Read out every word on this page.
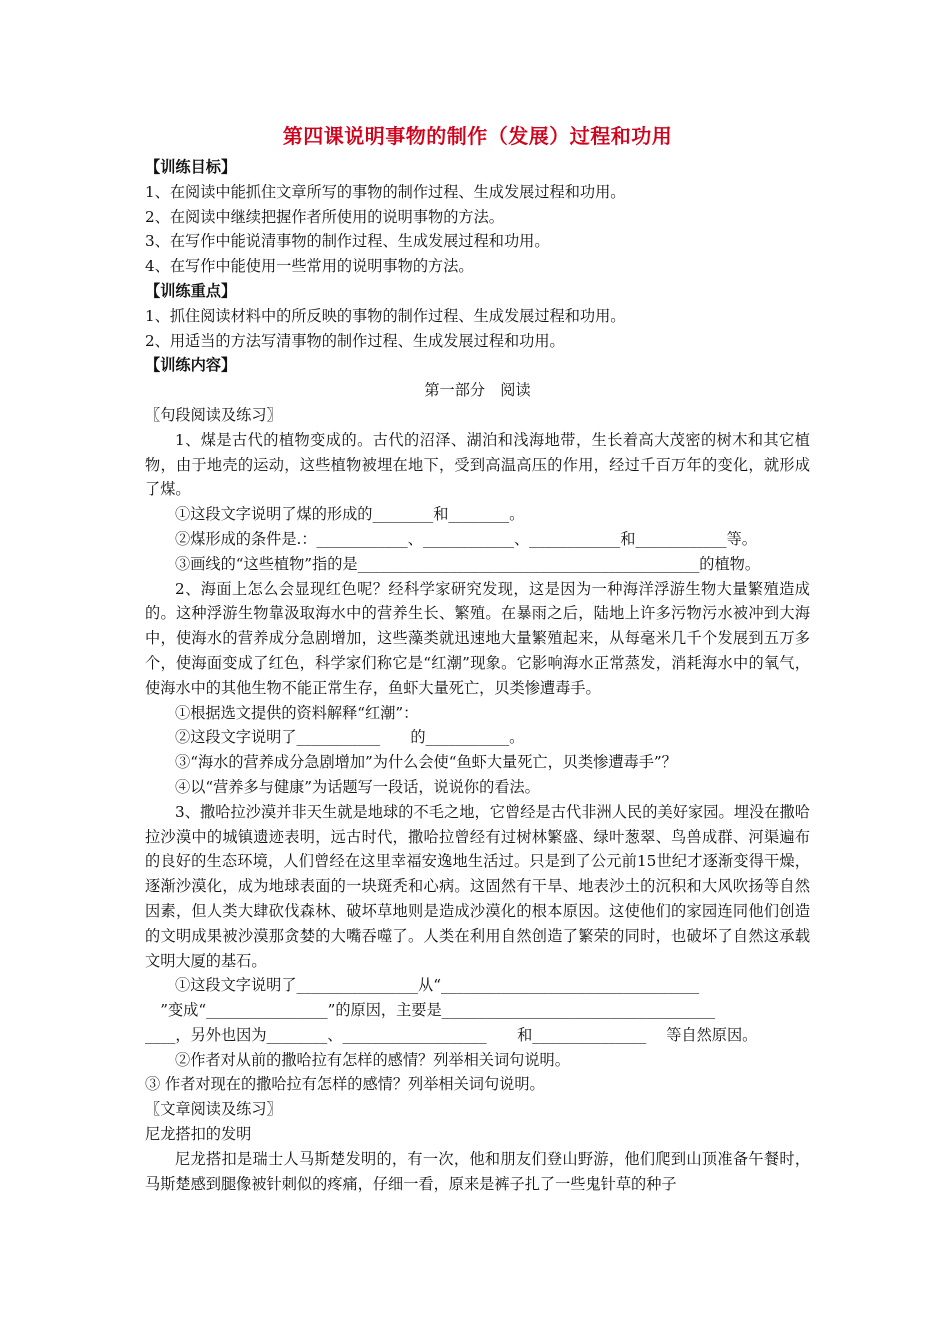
第四课说明事物的制作（发展）过程和功用
【训练目标】
1、在阅读中能抓住文章所写的事物的制作过程、生成发展过程和功用。
2、在阅读中继续把握作者所使用的说明事物的方法。
3、在写作中能说清事物的制作过程、生成发展过程和功用。
4、在写作中能使用一些常用的说明事物的方法。
【训练重点】
1、抓住阅读材料中的所反映的事物的制作过程、生成发展过程和功用。
2、用适当的方法写清事物的制作过程、生成发展过程和功用。
【训练内容】
第一部分　阅读
〖句段阅读及练习〗

1、煤是古代的植物变成的。古代的沼泽、湖泊和浅海地带，生长着高大茂密的树木和其它植物，由于地壳的运动，这些植物被埋在地下，受到高温高压的作用，经过千百万年的变化，就形成了煤。

①这段文字说明了煤的形成的________和________。
②煤形成的条件是.：____________、____________、____________和____________等。
③画线的“这些植物”指的是_____________________________________________的植物。

2、海面上怎么会显现红色呢？经科学家研究发现，这是因为一种海洋浮游生物大量繁殖造成的。这种浮游生物靠汲取海水中的营养生长、繁殖。在暴雨之后，陆地上许多污物污水被冲到大海中，使海水的营养成分急剧增加，这些藻类就迅速地大量繁殖起来，从每毫米几千个发展到五万多个，使海面变成了红色，科学家们称它是“红潮”现象。它影响海水正常蒸发，消耗海水中的氧气，使海水中的其他生物不能正常生存，鱼虾大量死亡，贝类惨遭毒手。

①根据选文提供的资料解释“红潮”：
②这段文字说明了___________　　的___________。
③“海水的营养成分急剧增加”为什么会使“鱼虾大量死亡，贝类惨遭毒手”？
④以“营养多与健康”为话题写一段话，说说你的看法。

3、撒哈拉沙漠并非天生就是地球的不毛之地，它曾经是古代非洲人民的美好家园。埋没在撒哈拉沙漠中的城镇遗迹表明，远古时代，撒哈拉曾经有过树林繁盛、绿叶葱翠、鸟兽成群、河渠遍布的良好的生态环境，人们曾经在这里幸福安逸地生活过。只是到了公元前15世纪才逐渐变得干燥，逐渐沙漠化，成为地球表面的一块斑秃和心病。这固然有干旱、地表沙土的沉积和大风吹扬等自然因素，但人类大肆砍伐森林、破坏草地则是造成沙漠化的根本原因。这使他们的家园连同他们创造的文明成果被沙漠那贪婪的大嘴吞噬了。人类在利用自然创造了繁荣的同时，也破坏了自然这承载文明大厦的基石。

①这段文字说明了________________从“__________________________________
　”变成“________________”的原因，主要是____________________________________
____，另外也因为________、___________________　　和_______________　 等自然原因。
②作者对从前的撒哈拉有怎样的感情？列举相关词句说明。
③ 作者对现在的撒哈拉有怎样的感情？列举相关词句说明。
〖文章阅读及练习〗
尼龙搭扣的发明

尼龙搭扣是瑞士人马斯楚发明的，有一次，他和朋友们登山野游，他们爬到山顶准备午餐时，马斯楚感到腿像被针刺似的疼痛，仔细一看，原来是裤子扎了一些鬼针草的种子
